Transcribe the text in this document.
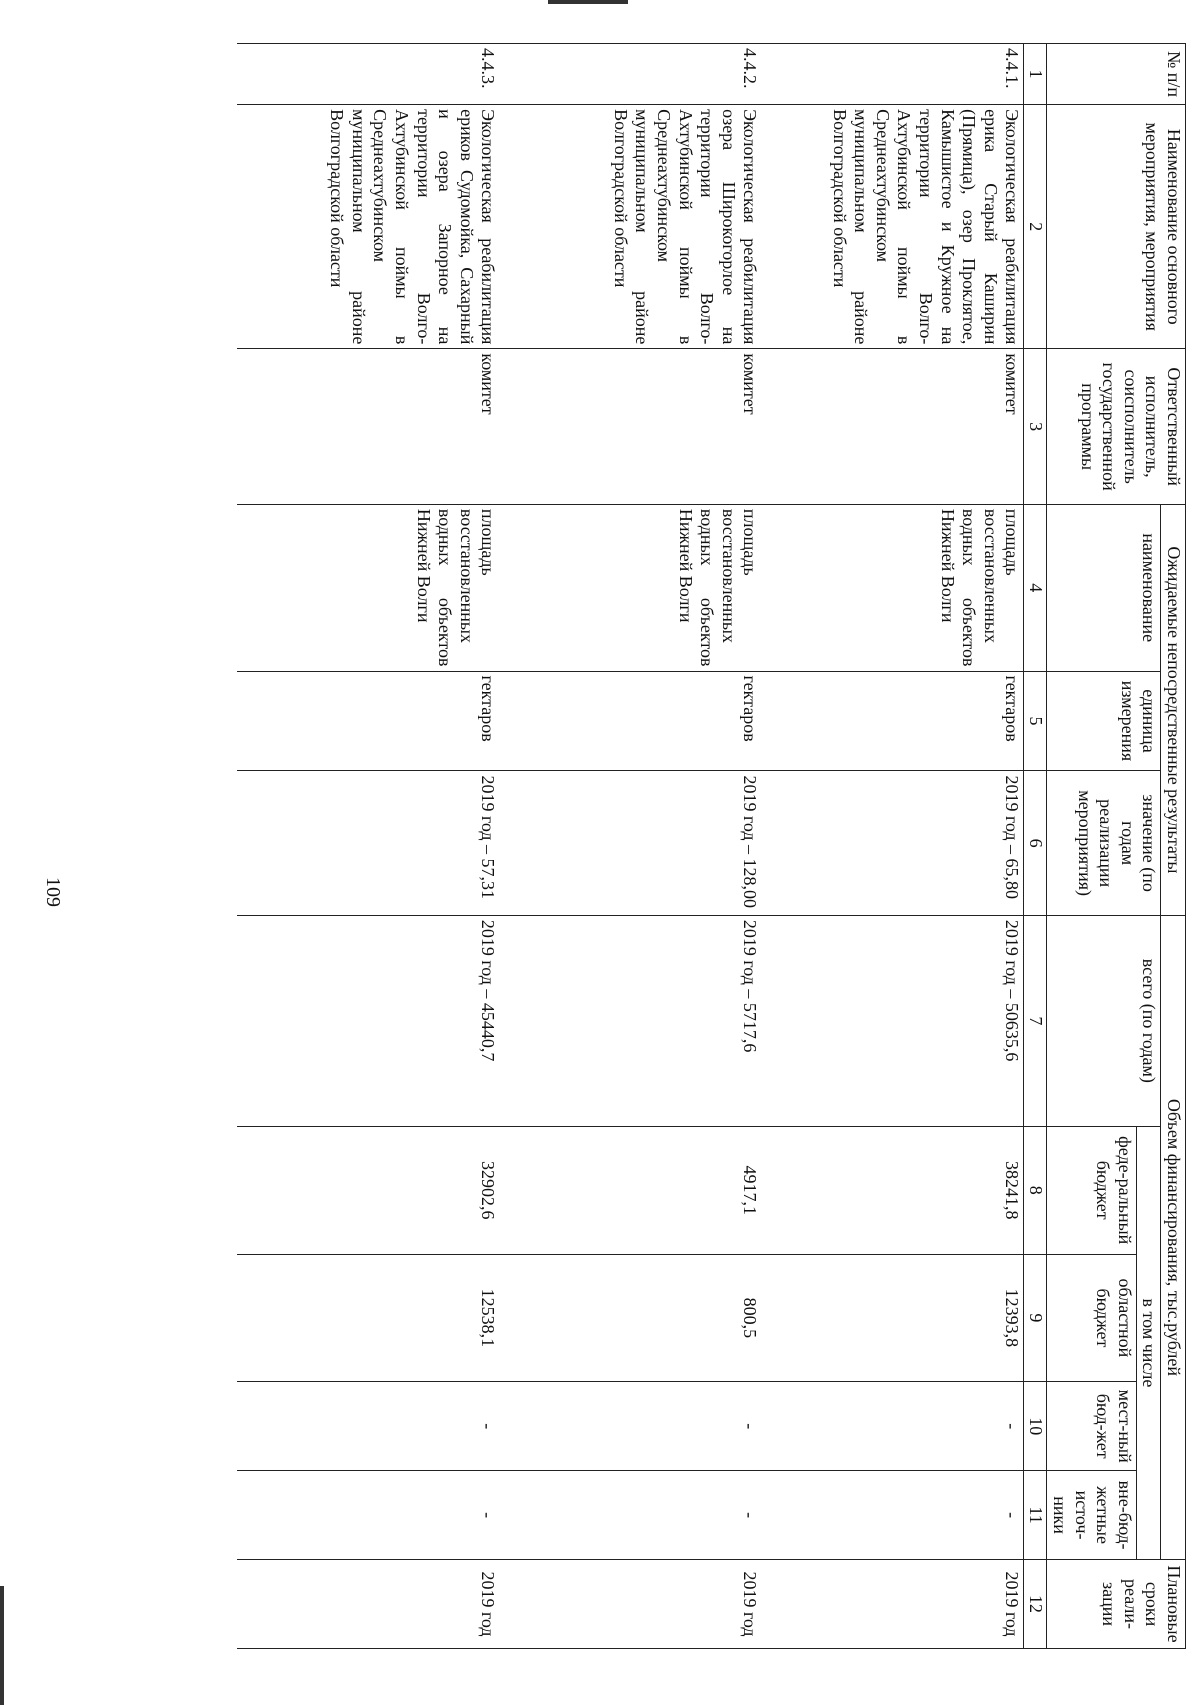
109
№ п/п	Наименование основного мероприятия, мероприятия	Ответственный исполнитель, соисполнитель государственной программы	Ожидаемые непосредственные результаты			Объем финансирования, тыс.рублей					Плановые сроки реали-зации
			наименование	единица измерения	значение (по годам реализации мероприятия)	всего (по годам)	в том числе				
							феде-ральный бюджет	областной бюджет	мест-ный бюд-жет	вне-бюд-жетные источ-ники	
1	2	3	4	5	6	7	8	9	10	11	12
4.4.1.	Экологическая реабилитация ерика Старый Каширин (Прямица), озер Проклятое, Камышистое и Кружное на территории Волго-Ахтубинской поймы в Среднеахтубинском муниципальном районе Волгоградской области	комитет	площадь восстановленных водных объектов Нижней Волги	гектаров	2019 год – 65,80	2019 год – 50635,6	38241,8	12393,8	-	-	2019 год
4.4.2.	Экологическая реабилитация озера Широкогорлое на территории Волго-Ахтубинской поймы в Среднеахтубинском муниципальном районе Волгоградской области	комитет	площадь восстановленных водных объектов Нижней Волги	гектаров	2019 год – 128,00	2019 год – 5717,6	4917,1	800,5	-	-	2019 год
4.4.3.	Экологическая реабилитация ериков Судомойка, Сахарный и озера Запорное на территории Волго-Ахтубинской поймы в Среднеахтубинском муниципальном районе Волгоградской области	комитет	площадь восстановленных водных объектов Нижней Волги	гектаров	2019 год – 57,31	2019 год – 45440,7	32902,6	12538,1	-	-	2019 год
